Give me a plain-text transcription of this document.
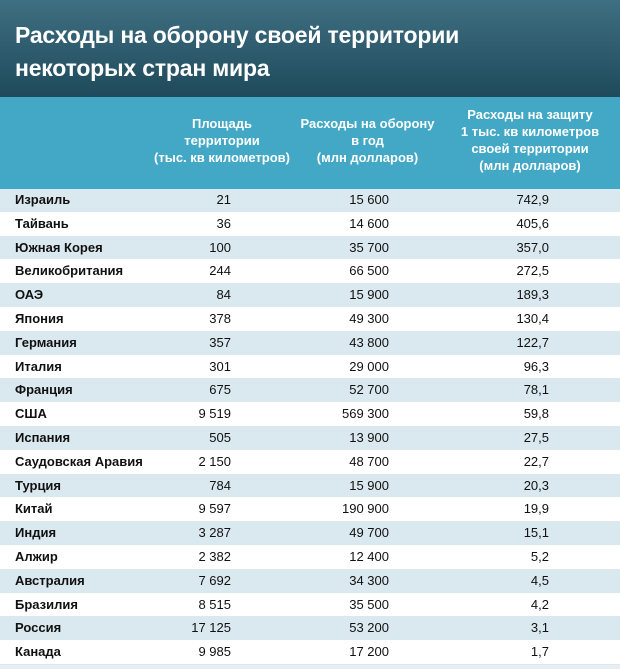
Расходы на оборону своей территории
некоторых стран мира
Площадь
территории
(тыс. кв километров)
Расходы на оборону
в год
(млн долларов)
Расходы на защиту
1 тыс. кв километров
своей территории
(млн долларов)
Израиль	21	15 600	742,9
Тайвань	36	14 600	405,6
Южная Корея	100	35 700	357,0
Великобритания	244	66 500	272,5
ОАЭ	84	15 900	189,3
Япония	378	49 300	130,4
Германия	357	43 800	122,7
Италия	301	29 000	96,3
Франция	675	52 700	78,1
США	9 519	569 300	59,8
Испания	505	13 900	27,5
Саудовская Аравия	2 150	48 700	22,7
Турция	784	15 900	20,3
Китай	9 597	190 900	19,9
Индия	3 287	49 700	15,1
Алжир	2 382	12 400	5,2
Австралия	7 692	34 300	4,5
Бразилия	8 515	35 500	4,2
Россия	17 125	53 200	3,1
Канада	9 985	17 200	1,7
